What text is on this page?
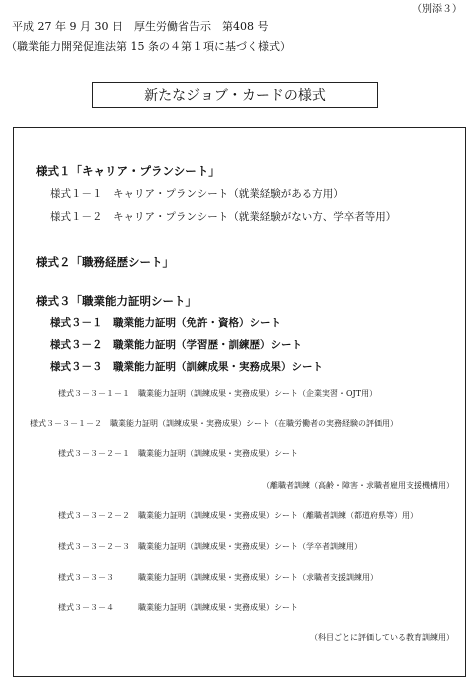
（別添３）
平成 27 年 9 月 30 日　厚生労働省告示　第408 号
（職業能力開発促進法第 15 条の４第１項に基づく様式）
新たなジョブ・カードの様式
様式１「キャリア・プランシート」
様式１－１　キャリア・プランシート（就業経験がある方用）
様式１－２　キャリア・プランシート（就業経験がない方、学卒者等用）
様式２「職務経歴シート」
様式３「職業能力証明シート」
様式３－１　職業能力証明（免許・資格）シート
様式３－２　職業能力証明（学習歴・訓練歴）シート
様式３－３　職業能力証明（訓練成果・実務成果）シート
様式３－３－１－１　職業能力証明（訓練成果・実務成果）シート（企業実習・OJT用）
様式３－３－１－２　職業能力証明（訓練成果・実務成果）シート（在職労働者の実務経験の評価用）
様式３－３－２－１　職業能力証明（訓練成果・実務成果）シート
（離職者訓練（高齢・障害・求職者雇用支援機構用）
様式３－３－２－２　職業能力証明（訓練成果・実務成果）シート（離職者訓練（都道府県等）用）
様式３－３－２－３　職業能力証明（訓練成果・実務成果）シート（学卒者訓練用）
様式３－３－３　　　職業能力証明（訓練成果・実務成果）シート（求職者支援訓練用）
様式３－３－４　　　職業能力証明（訓練成果・実務成果）シート
（科目ごとに評価している教育訓練用）
